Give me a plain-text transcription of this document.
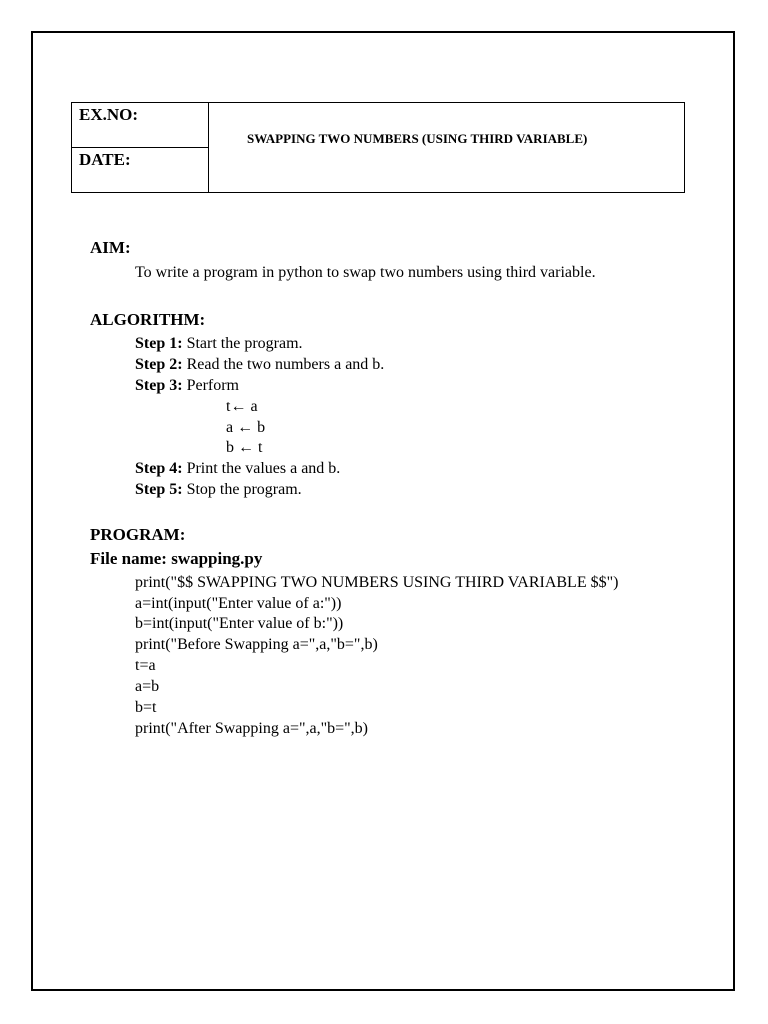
EX.NO:
DATE:
SWAPPING TWO NUMBERS (USING THIRD VARIABLE)
AIM:
To write a program in python to swap two numbers using third variable.
ALGORITHM:
Step 1: Start the program.
Step 2: Read the two numbers a and b.
Step 3: Perform
t← a
a ← b
b ← t
Step 4: Print the values a and b.
Step 5: Stop the program.
PROGRAM:
File name: swapping.py
print("$$ SWAPPING TWO NUMBERS USING THIRD VARIABLE $$")
a=int(input("Enter value of a:"))
b=int(input("Enter value of b:"))
print("Before Swapping a=",a,"b=",b)
t=a
a=b
b=t
print("After Swapping a=",a,"b=",b)
